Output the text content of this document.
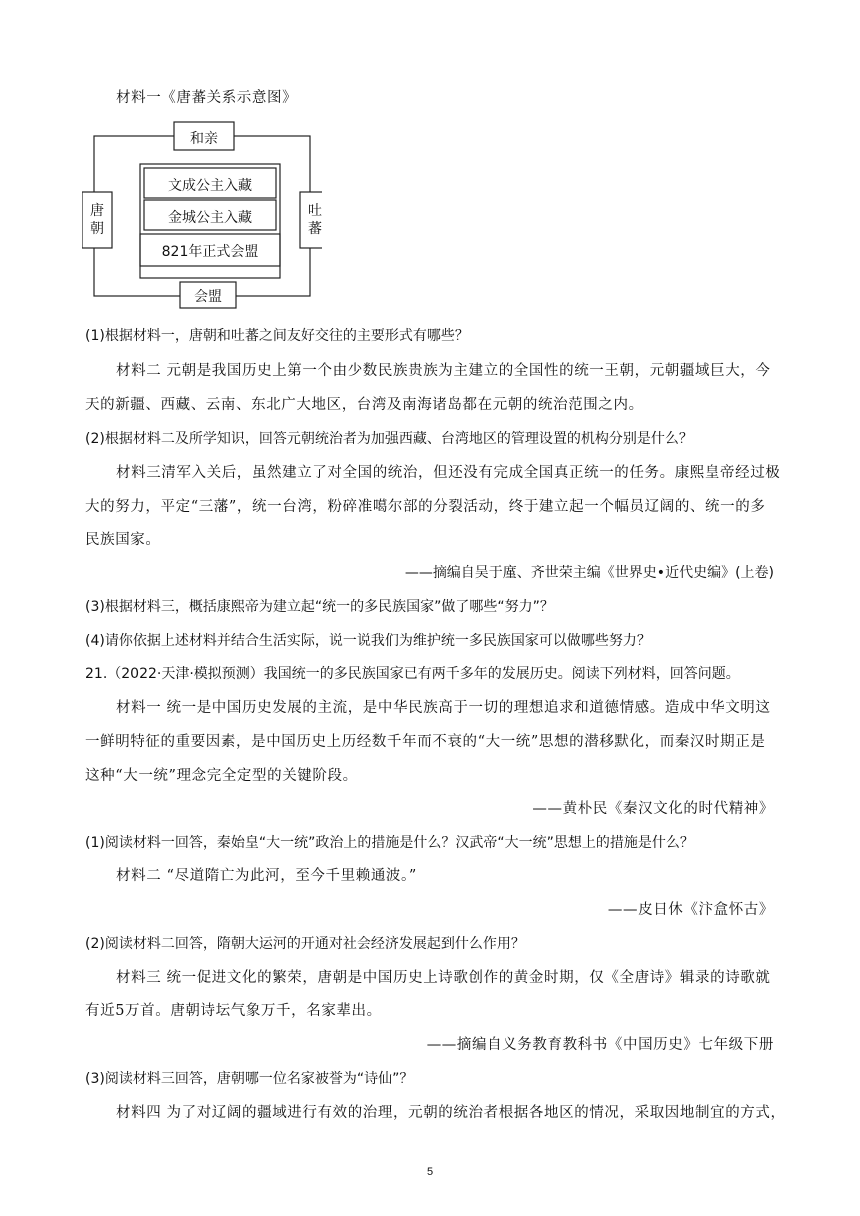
材料一《唐蕃关系示意图》
和亲
会盟
唐朝
吐蕃
文成公主入藏
金城公主入藏
821年正式会盟
(1)根据材料一，唐朝和吐蕃之间友好交往的主要形式有哪些？
材料二 元朝是我国历史上第一个由少数民族贵族为主建立的全国性的统一王朝，元朝疆域巨大，今
天的新疆、西藏、云南、东北广大地区，台湾及南海诸岛都在元朝的统治范围之内。
(2)根据材料二及所学知识，回答元朝统治者为加强西藏、台湾地区的管理设置的机构分别是什么？
材料三清军入关后，虽然建立了对全国的统治，但还没有完成全国真正统一的任务。康熙皇帝经过极
大的努力，平定“三藩”，统一台湾，粉碎准噶尔部的分裂活动，终于建立起一个幅员辽阔的、统一的多
民族国家。
——摘编自吴于廑、齐世荣主编《世界史•近代史编》(上卷)
(3)根据材料三，概括康熙帝为建立起“统一的多民族国家”做了哪些“努力”？
(4)请你依据上述材料并结合生活实际，说一说我们为维护统一多民族国家可以做哪些努力？
21.（2022·天津·模拟预测）我国统一的多民族国家已有两千多年的发展历史。阅读下列材料，回答问题。
材料一 统一是中国历史发展的主流，是中华民族高于一切的理想追求和道德情感。造成中华文明这
一鲜明特征的重要因素，是中国历史上历经数千年而不衰的“大一统”思想的潜移默化，而秦汉时期正是
这种“大一统”理念完全定型的关键阶段。
——黄朴民《秦汉文化的时代精神》
(1)阅读材料一回答，秦始皇“大一统”政治上的措施是什么？汉武帝“大一统”思想上的措施是什么？
材料二 “尽道隋亡为此河，至今千里赖通波。”
——皮日休《汴盒怀古》
(2)阅读材料二回答，隋朝大运河的开通对社会经济发展起到什么作用？
材料三 统一促进文化的繁荣，唐朝是中国历史上诗歌创作的黄金时期，仅《全唐诗》辑录的诗歌就
有近5万首。唐朝诗坛气象万千，名家辈出。
——摘编自义务教育教科书《中国历史》七年级下册
(3)阅读材料三回答，唐朝哪一位名家被誉为“诗仙”？
材料四 为了对辽阔的疆域进行有效的治理，元朝的统治者根据各地区的情况，采取因地制宜的方式，
5
